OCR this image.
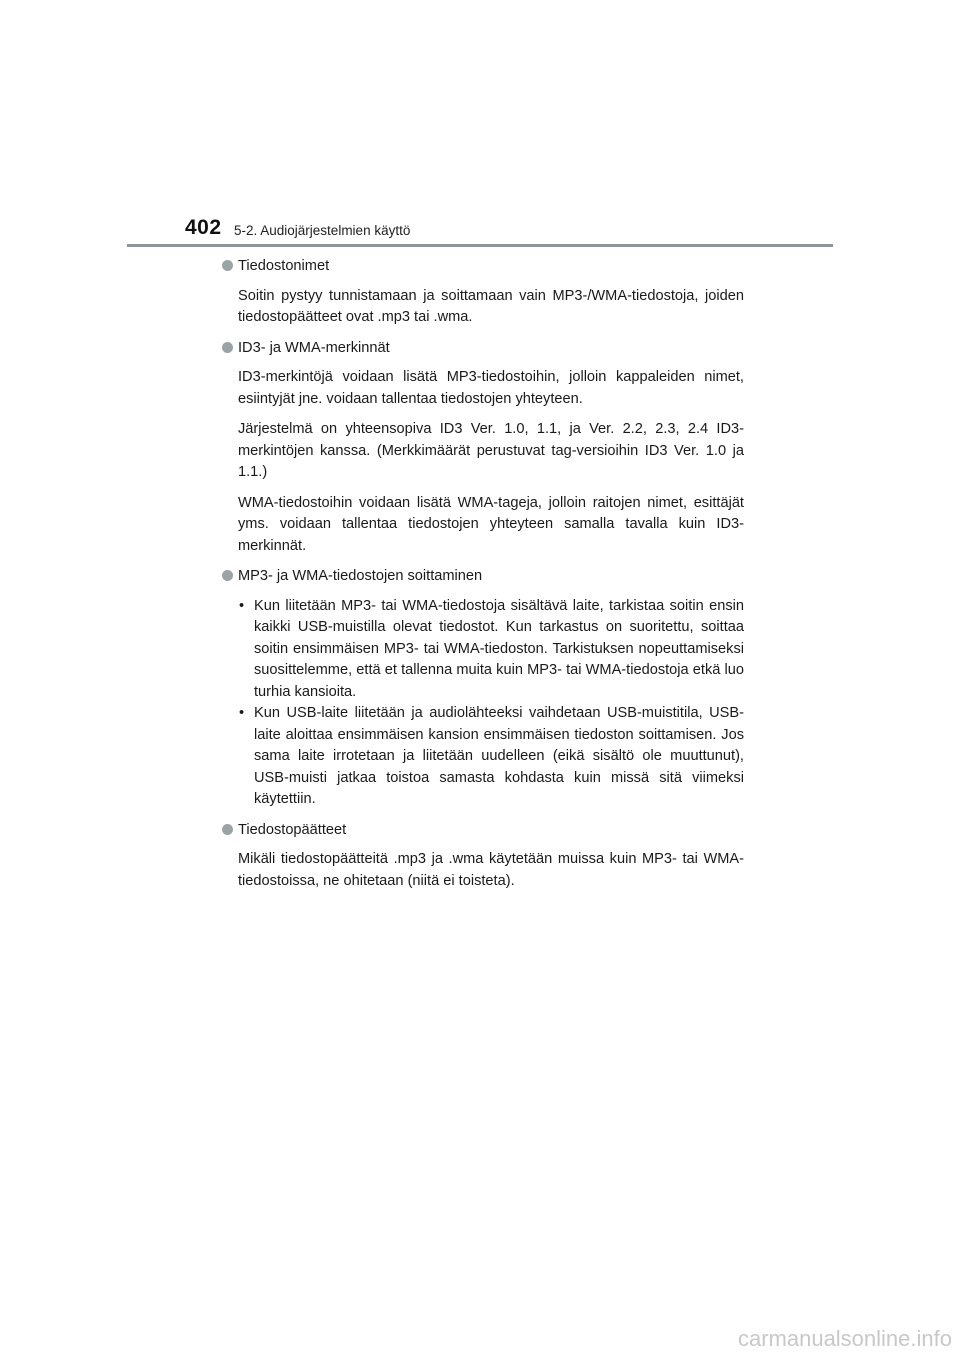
402 5-2. Audiojärjestelmien käyttö
Tiedostonimet

Soitin pystyy tunnistamaan ja soittamaan vain MP3-/WMA-tiedostoja, joiden tiedostopäätteet ovat .mp3 tai .wma.

ID3- ja WMA-merkinnät

ID3-merkintöjä voidaan lisätä MP3-tiedostoihin, jolloin kappaleiden nimet, esiintyjät jne. voidaan tallentaa tiedostojen yhteyteen.

Järjestelmä on yhteensopiva ID3 Ver. 1.0, 1.1, ja Ver. 2.2, 2.3, 2.4 ID3-merkintöjen kanssa. (Merkkimäärät perustuvat tag-versioihin ID3 Ver. 1.0 ja 1.1.)

WMA-tiedostoihin voidaan lisätä WMA-tageja, jolloin raitojen nimet, esittäjät yms. voidaan tallentaa tiedostojen yhteyteen samalla tavalla kuin ID3-merkinnät.

MP3- ja WMA-tiedostojen soittaminen
• Kun liitetään MP3- tai WMA-tiedostoja sisältävä laite, tarkistaa soitin ensin kaikki USB-muistilla olevat tiedostot. Kun tarkastus on suoritettu, soittaa soitin ensimmäisen MP3- tai WMA-tiedoston. Tarkistuksen nopeuttamiseksi suosittelemme, että et tallenna muita kuin MP3- tai WMA-tiedostoja etkä luo turhia kansioita.
• Kun USB-laite liitetään ja audiolähteeksi vaihdetaan USB-muistitila, USB-laite aloittaa ensimmäisen kansion ensimmäisen tiedoston soittamisen. Jos sama laite irrotetaan ja liitetään uudelleen (eikä sisältö ole muuttunut), USB-muisti jatkaa toistoa samasta kohdasta kuin missä sitä viimeksi käytettiin.
Tiedostopäätteet

Mikäli tiedostopäätteitä .mp3 ja .wma käytetään muissa kuin MP3- tai WMA-tiedostoissa, ne ohitetaan (niitä ei toisteta).

carmanualsonline.info
